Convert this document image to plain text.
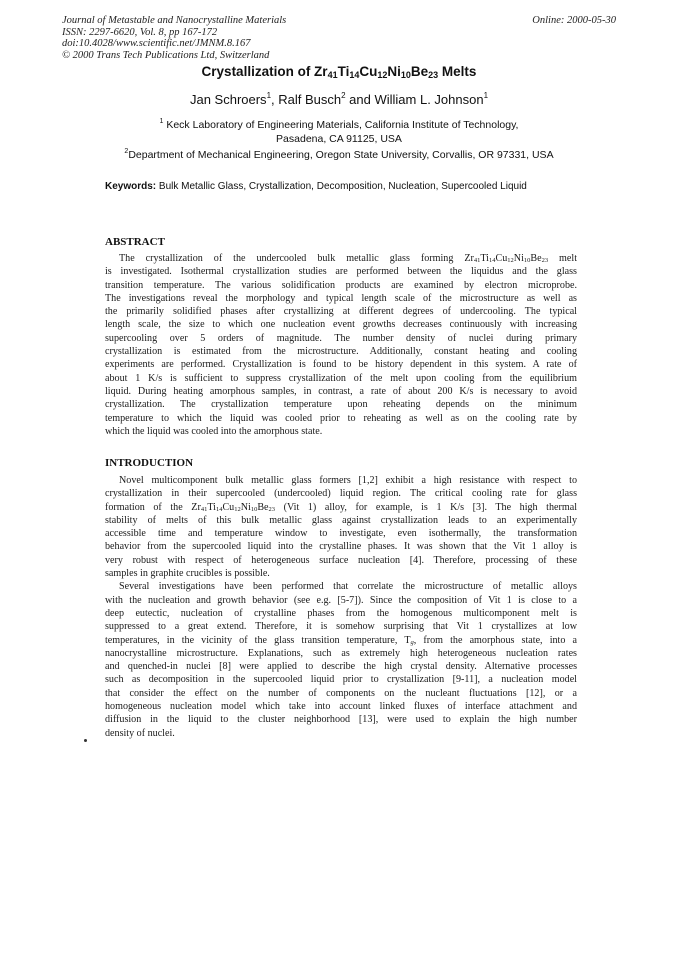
Journal of Metastable and Nanocrystalline Materials
ISSN: 2297-6620, Vol. 8, pp 167-172
doi:10.4028/www.scientific.net/JMNM.8.167
© 2000 Trans Tech Publications Ltd, Switzerland
Online: 2000-05-30
Crystallization of $Zr_{41}Ti_{14}Cu_{12}Ni_{10}Be_{23}$ Melts
Jan Schroers$^1$, Ralf Busch$^2$ and William L. Johnson$^1$
$^1$ Keck Laboratory of Engineering Materials, California Institute of Technology,
Pasadena, CA 91125, USA
$^2$Department of Mechanical Engineering, Oregon State University, Corvallis, OR 97331, USA
Keywords: Bulk Metallic Glass, Crystallization, Decomposition, Nucleation, Supercooled Liquid
ABSTRACT
The crystallization of the undercooled bulk metallic glass forming $Zr_{41}Ti_{14}Cu_{12}Ni_{10}Be_{23}$ melt
is investigated. Isothermal crystallization studies are performed between the liquidus and the glass
transition temperature. The various solidification products are examined by electron microprobe.
The investigations reveal the morphology and typical length scale of the microstructure as well as
the primarily solidified phases after crystallizing at different degrees of undercooling. The typical
length scale, the size to which one nucleation event growths decreases continuously with increasing
supercooling over 5 orders of magnitude. The number density of nuclei during primary
crystallization is estimated from the microstructure. Additionally, constant heating and cooling
experiments are performed. Crystallization is found to be history dependent in this system. A rate of
about 1 K/s is sufficient to suppress crystallization of the melt upon cooling from the equilibrium
liquid. During heating amorphous samples, in contrast, a rate of about 200 K/s is necessary to avoid
crystallization. The crystallization temperature upon reheating depends on the minimum
temperature to which the liquid was cooled prior to reheating as well as on the cooling rate by
which the liquid was cooled into the amorphous state.
INTRODUCTION
Novel multicomponent bulk metallic glass formers [1,2] exhibit a high resistance with respect to
crystallization in their supercooled (undercooled) liquid region. The critical cooling rate for glass
formation of the $Zr_{41}Ti_{14}Cu_{12}Ni_{10}Be_{23}$ (Vit 1) alloy, for example, is 1 K/s [3]. The high thermal
stability of melts of this bulk metallic glass against crystallization leads to an experimentally
accessible time and temperature window to investigate, even isothermally, the transformation
behavior from the supercooled liquid into the crystalline phases. It was shown that the Vit 1 alloy is
very robust with respect of heterogeneous surface nucleation [4]. Therefore, processing of these
samples in graphite crucibles is possible.
Several investigations have been performed that correlate the microstructure of metallic alloys
with the nucleation and growth behavior (see e.g. [5-7]). Since the composition of Vit 1 is close to a
deep eutectic, nucleation of crystalline phases from the homogenous multicomponent melt is
suppressed to a great extend. Therefore, it is somehow surprising that Vit 1 crystallizes at low
temperatures, in the vicinity of the glass transition temperature, $T_g$, from the amorphous state, into a
nanocrystalline microstructure. Explanations, such as extremely high heterogeneous nucleation rates
and quenched-in nuclei [8] were applied to describe the high crystal density. Alternative processes
such as decomposition in the supercooled liquid prior to crystallization [9-11], a nucleation model
that consider the effect on the number of components on the nucleant fluctuations [12], or a
homogeneous nucleation model which take into account linked fluxes of interface attachment and
diffusion in the liquid to the cluster neighborhood [13], were used to explain the high number
density of nuclei.
